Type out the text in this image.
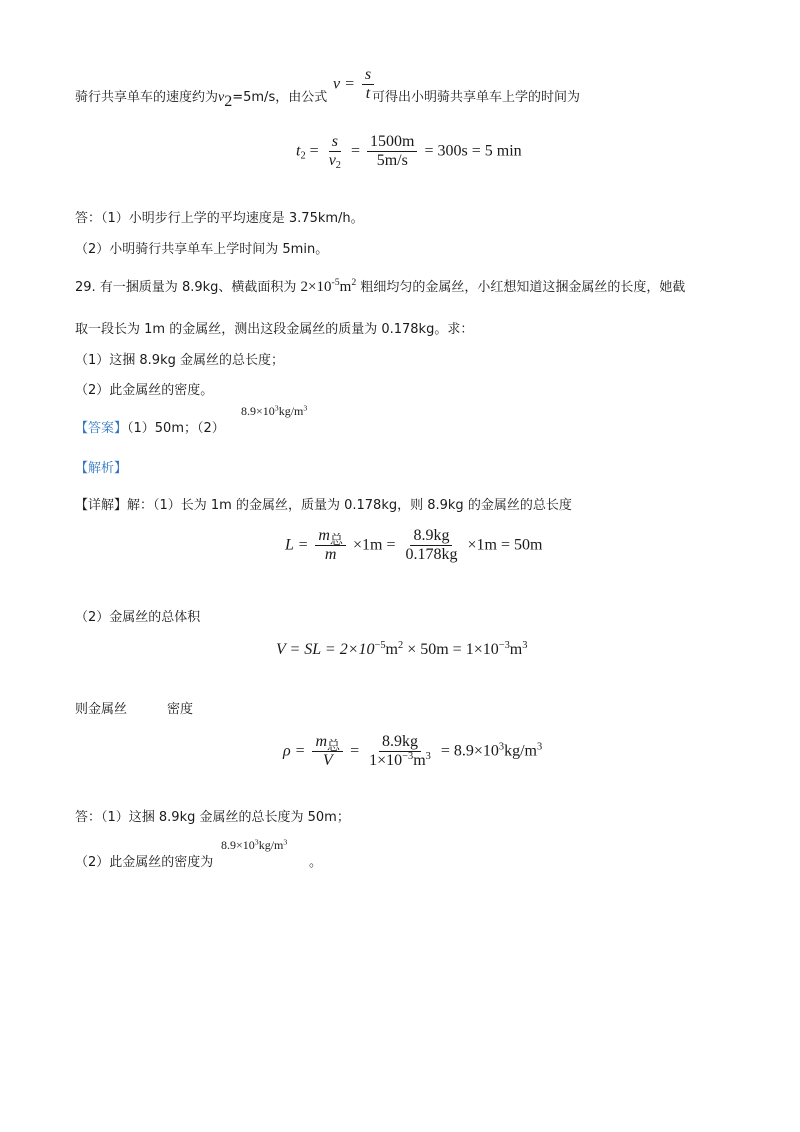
骑行共享单车的速度约为$v_2=5m/s$，由公式
$v = \frac{s}{t}$
可得出小明骑共享单车上学的时间为
$t_2 = \frac{s}{v_2} = \frac{1500m}{5m/s} = 300s = 5$ min
答：（1）小明步行上学的平均速度是 3.75km/h。
（2）小明骑行共享单车上学时间为 5min。
29. 有一捆质量为 8.9kg、横截面积为 $2\times 10^{-5}m^2$ 粗细均匀的金属丝，小红想知道这捆金属丝的长度，她截
取一段长为 1m 的金属丝，测出这段金属丝的质量为 0.178kg。求：
（1）这捆 8.9kg 金属丝的总长度；
（2）此金属丝的密度。
【答案】（1）50m；（2）
$8.9\times 10^3kg/m^3$
【解析】
【详解】解：（1）长为 1m 的金属丝，质量为 0.178kg，则 8.9kg 的金属丝的总长度
$L = \frac{m_总}{m} \times 1m = \frac{8.9kg}{0.178kg} \times 1m = 50m$
（2）金属丝的总体积
V = SL = $2\times 10^{-5}m^2 \times 50m = 1\times 10^{-3}m^3$
则金属丝	密度
$\rho = \frac{m_总}{V} = \frac{8.9kg}{1\times 10^{-3}m^3} = 8.9\times 10^3kg/m^3$
答：（1）这捆 8.9kg 金属丝的总长度为 50m；
（2）此金属丝的密度为
$8.9\times 10^3kg/m^3$
。
